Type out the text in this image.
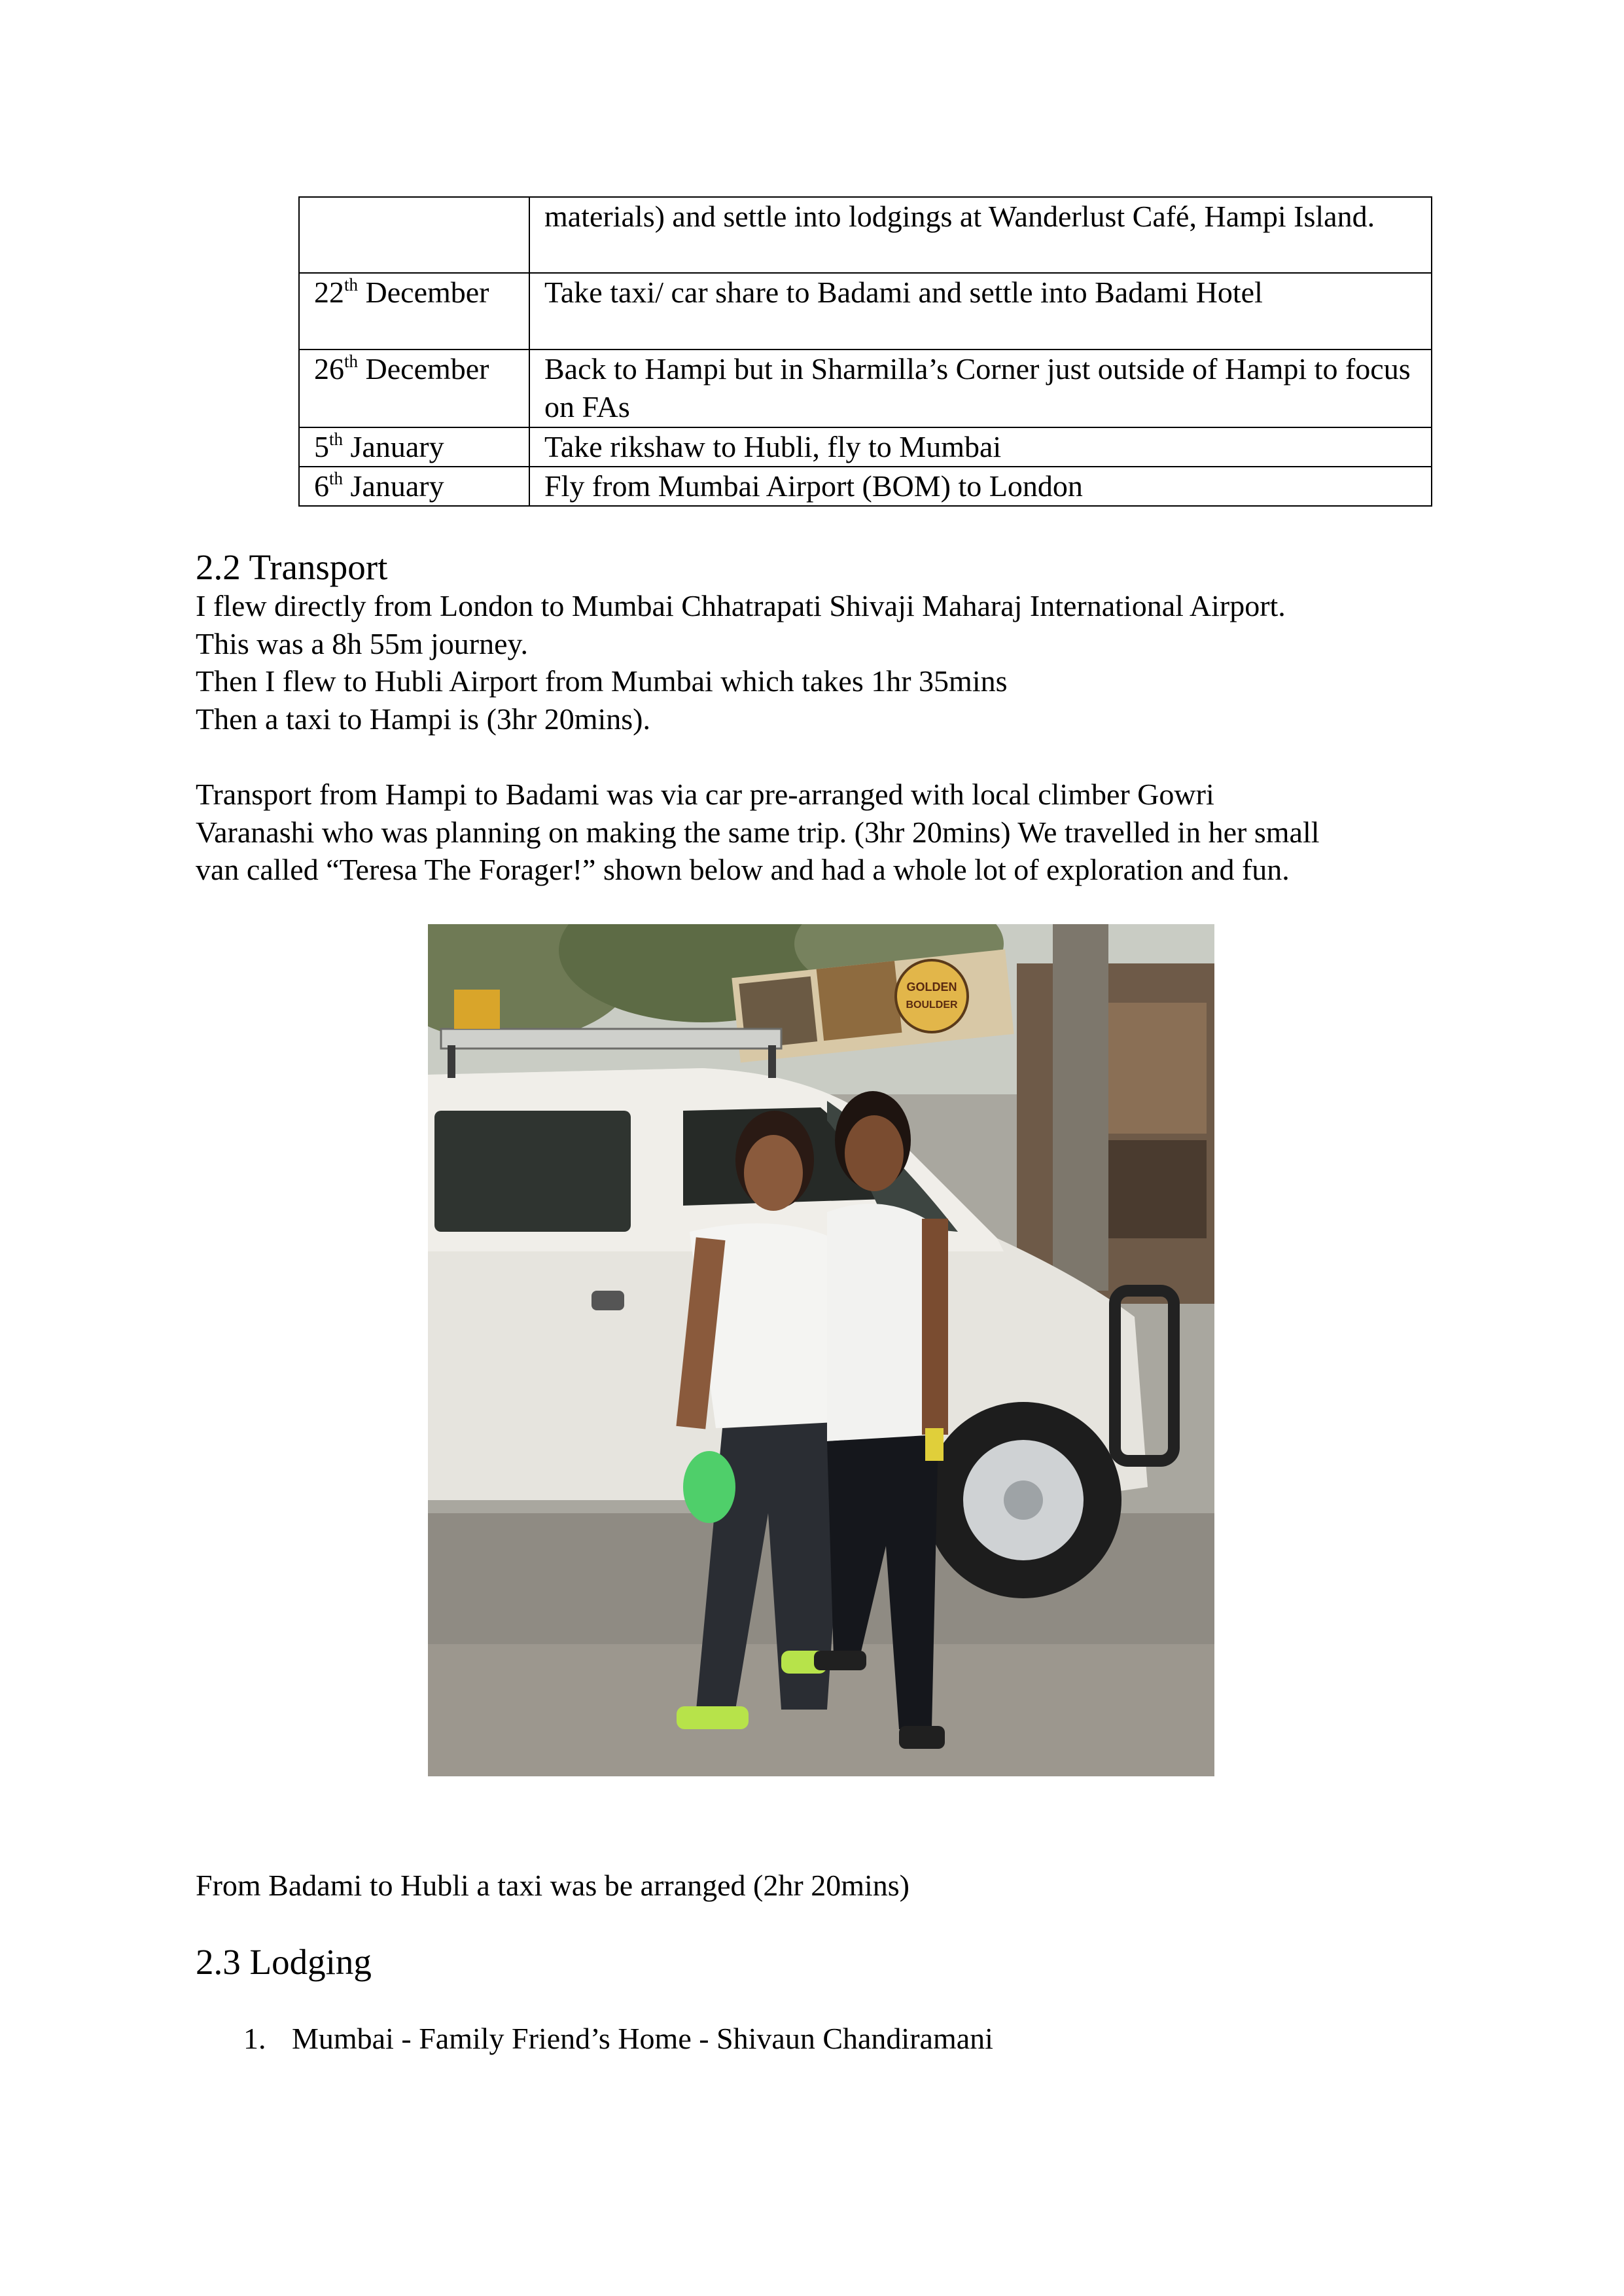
	materials) and settle into lodgings at Wanderlust Café, Hampi Island.
22th December	Take taxi/ car share to Badami and settle into Badami Hotel
26th December	Back to Hampi but in Sharmilla’s Corner just outside of Hampi to focus on FAs
5th January	Take rikshaw to Hubli, fly to Mumbai
6th January	Fly from Mumbai Airport (BOM) to London
2.2 Transport

I flew directly from London to Mumbai Chhatrapati Shivaji Maharaj International Airport.
This was a 8h 55m journey.
Then I flew to Hubli Airport from Mumbai which takes 1hr 35mins
Then a taxi to Hampi is (3hr 20mins).

Transport from Hampi to Badami was via car pre-arranged with local climber Gowri
Varanashi who was planning on making the same trip. (3hr 20mins) We travelled in her small
van called “Teresa The Forager!” shown below and had a whole lot of exploration and fun.

GOLDEN
BOULDER

From Badami to Hubli a taxi was be arranged (2hr 20mins)

2.3 Lodging
1. Mumbai - Family Friend’s Home - Shivaun Chandiramani
